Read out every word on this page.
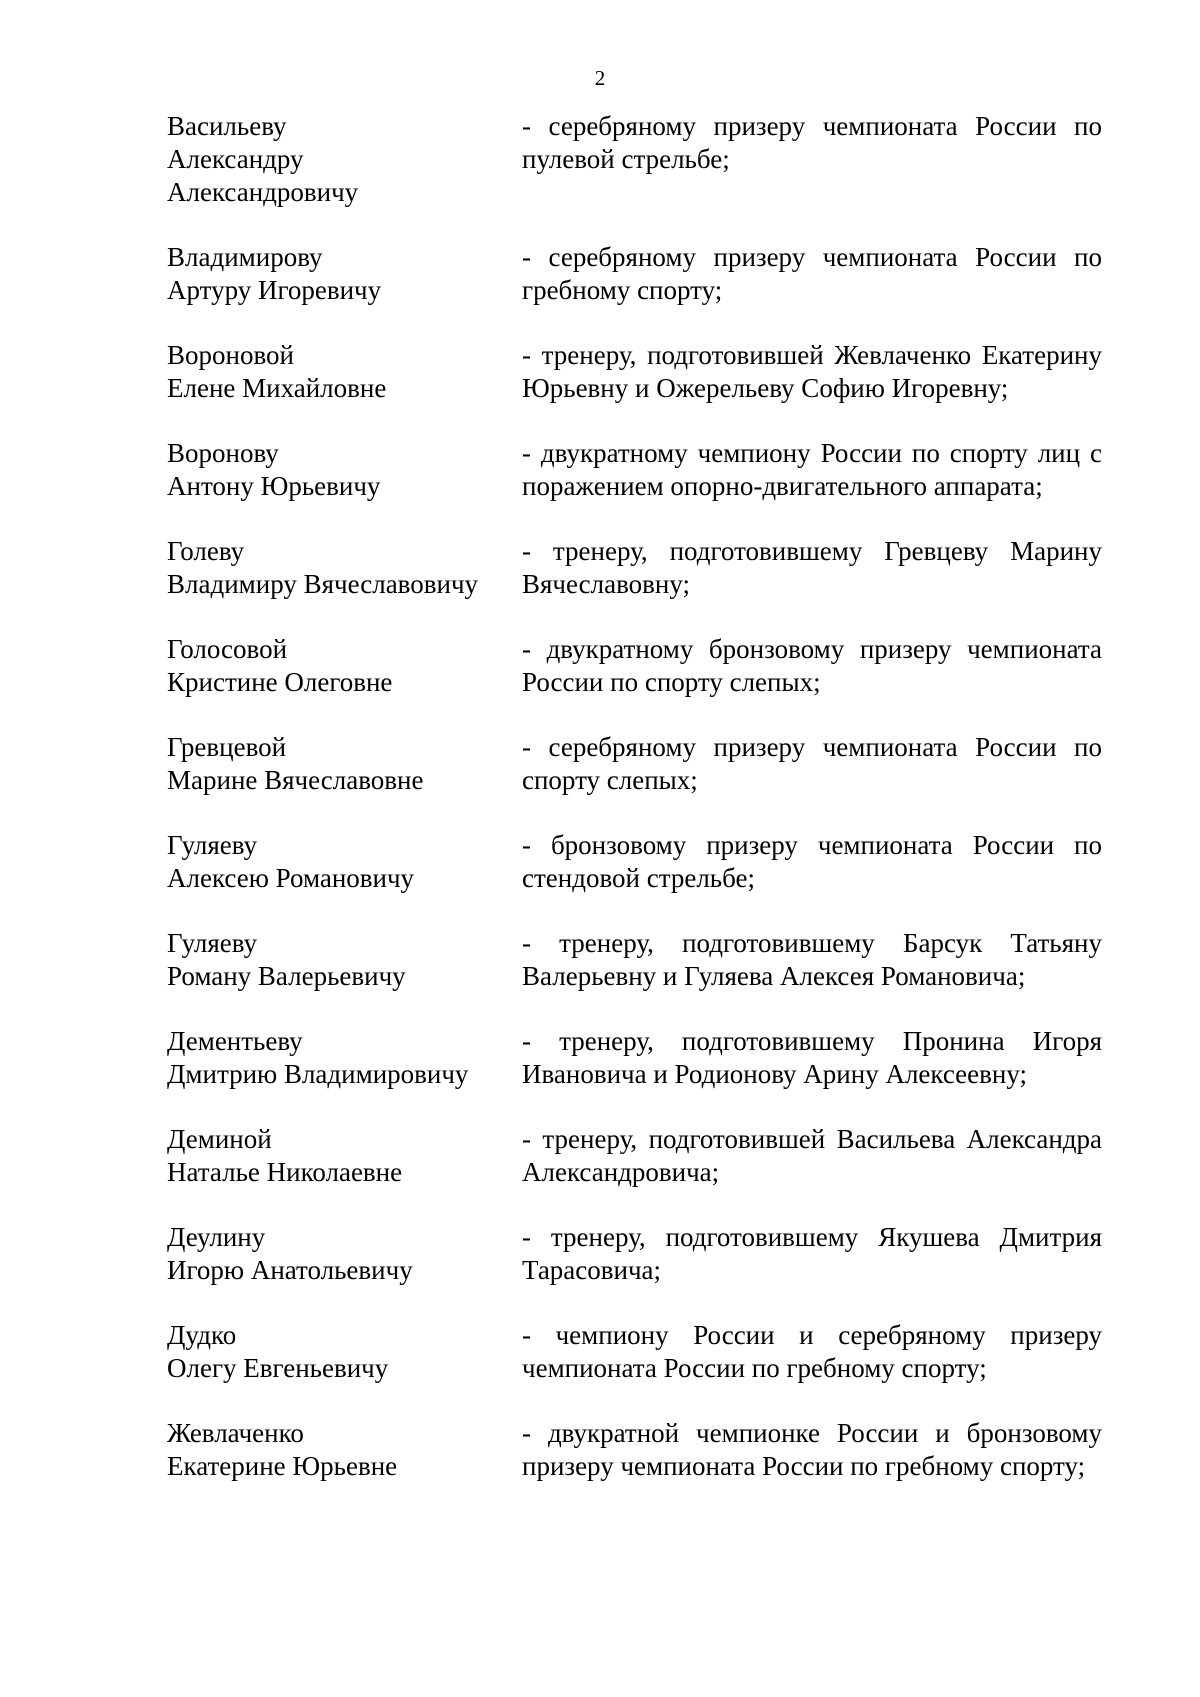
2
Васильеву
Александру
Александровичу
- серебряному призеру чемпионата России по пулевой стрельбе;
Владимирову
Артуру Игоревичу
- серебряному призеру чемпионата России по гребному спорту;
Вороновой
Елене Михайловне
- тренеру, подготовившей Жевлаченко Екатерину Юрьевну и Ожерельеву Софию Игоревну;
Воронову
Антону Юрьевичу
- двукратному чемпиону России по спорту лиц с поражением опорно-двигательного аппарата;
Голеву
Владимиру Вячеславовичу
- тренеру, подготовившему Гревцеву Марину Вячеславовну;
Голосовой
Кристине Олеговне
- двукратному бронзовому призеру чемпионата России по спорту слепых;
Гревцевой
Марине Вячеславовне
- серебряному призеру чемпионата России по спорту слепых;
Гуляеву
Алексею Романовичу
- бронзовому призеру чемпионата России по стендовой стрельбе;
Гуляеву
Роману Валерьевичу
- тренеру, подготовившему Барсук Татьяну Валерьевну и Гуляева Алексея Романовича;
Дементьеву
Дмитрию Владимировичу
- тренеру, подготовившему Пронина Игоря Ивановича и Родионову Арину Алексеевну;
Деминой
Наталье Николаевне
- тренеру, подготовившей Васильева Александра Александровича;
Деулину
Игорю Анатольевичу
- тренеру, подготовившему Якушева Дмитрия Тарасовича;
Дудко
Олегу Евгеньевичу
- чемпиону России и серебряному призеру чемпионата России по гребному спорту;
Жевлаченко
Екатерине Юрьевне
- двукратной чемпионке России и бронзовому призеру чемпионата России по гребному спорту;
